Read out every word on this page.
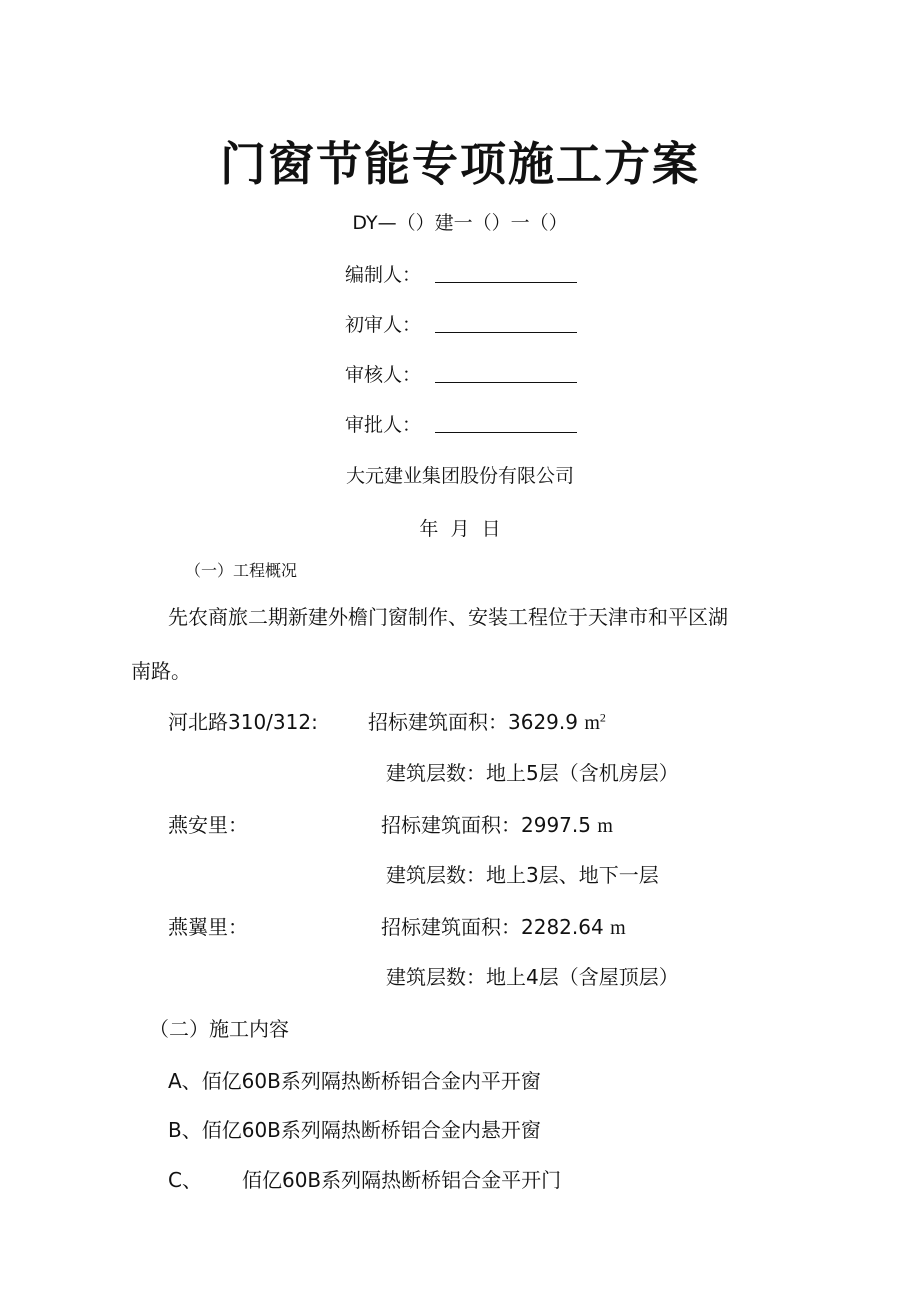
门窗节能专项施工方案
DY—（）建一（）一（）
编制人：
初审人：
审核人：
审批人：
大元建业集团股份有限公司
年  月  日
（一）工程概况
先农商旅二期新建外檐门窗制作、安装工程位于天津市和平区湖
南路。
河北路310/312:	招标建筑面积：3629.9 $m^2$
建筑层数：地上5层（含机房层）
燕安里：	招标建筑面积：2997.5 m
建筑层数：地上3层、地下一层
燕翼里：	招标建筑面积：2282.64 m
建筑层数：地上4层（含屋顶层）
（二）施工内容
A、佰亿60B系列隔热断桥铝合金内平开窗
B、佰亿60B系列隔热断桥铝合金内悬开窗
C、 佰亿60B系列隔热断桥铝合金平开门
